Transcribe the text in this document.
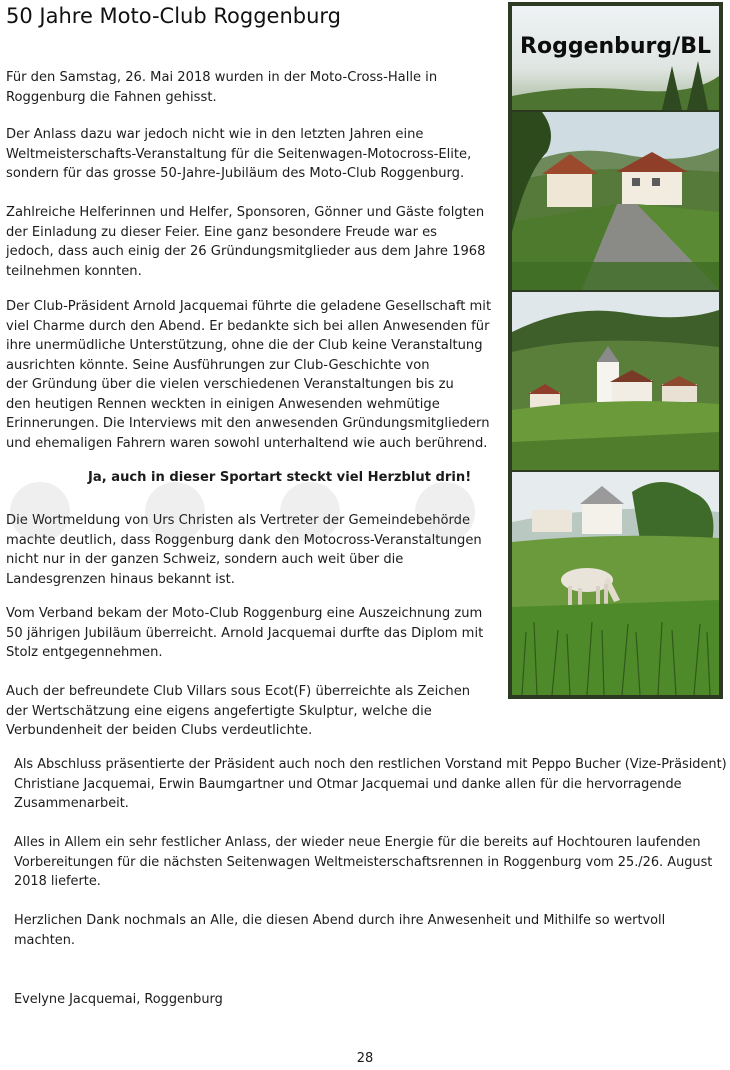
50 Jahre Moto-Club Roggenburg
Für den Samstag, 26. Mai 2018 wurden in der Moto-Cross-Halle in
Roggenburg die Fahnen gehisst.
Der Anlass dazu war jedoch nicht wie in den letzten Jahren eine
Weltmeisterschafts-Veranstaltung für die Seitenwagen-Motocross-Elite,
sondern für das grosse 50-Jahre-Jubiläum des Moto-Club Roggenburg.
Zahlreiche Helferinnen und Helfer, Sponsoren, Gönner und Gäste folgten
der Einladung zu dieser Feier. Eine ganz besondere Freude war es
jedoch, dass auch einig der 26 Gründungsmitglieder aus dem Jahre 1968
teilnehmen konnten.
Der Club-Präsident Arnold Jacquemai führte die geladene Gesellschaft mit
viel Charme durch den Abend. Er bedankte sich bei allen Anwesenden für
ihre unermüdliche Unterstützung, ohne die der Club keine Veranstaltung
ausrichten könnte. Seine Ausführungen zur Club-Geschichte von
der Gründung über die vielen verschiedenen Veranstaltungen bis zu
den heutigen Rennen weckten in einigen Anwesenden wehmütige
Erinnerungen. Die Interviews mit den anwesenden Gründungsmitgliedern
und ehemaligen Fahrern waren sowohl unterhaltend wie auch berührend.
Ja, auch in dieser Sportart steckt viel Herzblut drin!
Die Wortmeldung von Urs Christen als Vertreter der Gemeindebehörde
machte deutlich, dass Roggenburg dank den Motocross-Veranstaltungen
nicht nur in der ganzen Schweiz, sondern auch weit über die
Landesgrenzen hinaus bekannt ist.
Vom Verband bekam der Moto-Club Roggenburg eine Auszeichnung zum
50 jährigen Jubiläum überreicht. Arnold Jacquemai durfte das Diplom mit
Stolz entgegennehmen.
Auch der befreundete Club Villars sous Ecot(F) überreichte als Zeichen
der Wertschätzung eine eigens angefertigte Skulptur, welche die
Verbundenheit der beiden Clubs verdeutlichte.
Als Abschluss präsentierte der Präsident auch noch den restlichen Vorstand mit Peppo Bucher (Vize-Präsident)
Christiane Jacquemai, Erwin Baumgartner und Otmar Jacquemai und danke allen für die hervorragende
Zusammenarbeit.
Alles in Allem ein sehr festlicher Anlass, der wieder neue Energie für die bereits auf Hochtouren laufenden
Vorbereitungen für die nächsten Seitenwagen Weltmeisterschaftsrennen in Roggenburg vom 25./26. August
2018 lieferte.
Herzlichen Dank nochmals an Alle, die diesen Abend durch ihre Anwesenheit und Mithilfe so wertvoll
machten.
Evelyne Jacquemai, Roggenburg
28
Roggenburg/BL
